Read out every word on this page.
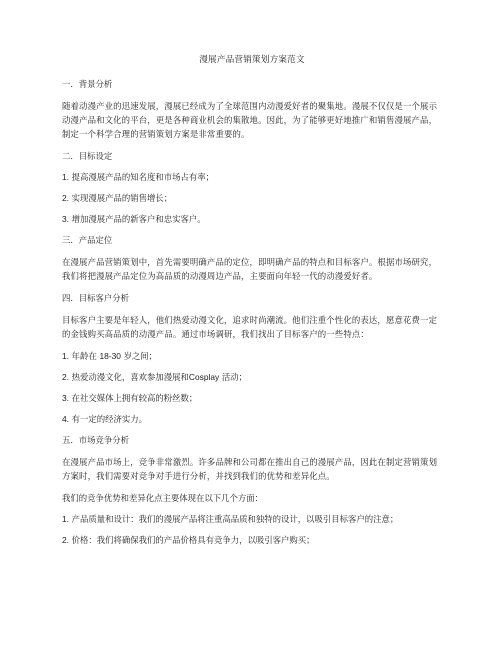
漫展产品营销策划方案范文
一．背景分析
随着动漫产业的迅速发展，漫展已经成为了全球范围内动漫爱好者的聚集地。漫展不仅仅是一个展示动漫产品和文化的平台，更是各种商业机会的集散地。因此，为了能够更好地推广和销售漫展产品，制定一个科学合理的营销策划方案是非常重要的。
二．目标设定
1. 提高漫展产品的知名度和市场占有率；
2. 实现漫展产品的销售增长；
3. 增加漫展产品的新客户和忠实客户。
三．产品定位
在漫展产品营销策划中，首先需要明确产品的定位，即明确产品的特点和目标客户。根据市场研究，我们将把漫展产品定位为高品质的动漫周边产品，主要面向年轻一代的动漫爱好者。
四．目标客户分析
目标客户主要是年轻人，他们热爱动漫文化，追求时尚潮流。他们注重个性化的表达，愿意花费一定的金钱购买高品质的动漫产品。通过市场调研，我们找出了目标客户的一些特点：
1. 年龄在 18-30 岁之间；
2. 热爱动漫文化，喜欢参加漫展和Cosplay 活动；
3. 在社交媒体上拥有较高的粉丝数；
4. 有一定的经济实力。
五．市场竞争分析
在漫展产品市场上，竞争非常激烈。许多品牌和公司都在推出自己的漫展产品，因此在制定营销策划方案时，我们需要对竞争对手进行分析，并找到我们的优势和差异化点。
我们的竞争优势和差异化点主要体现在以下几个方面：
1. 产品质量和设计：我们的漫展产品将注重高品质和独特的设计，以吸引目标客户的注意；
2. 价格：我们将确保我们的产品价格具有竞争力，以吸引客户购买；
